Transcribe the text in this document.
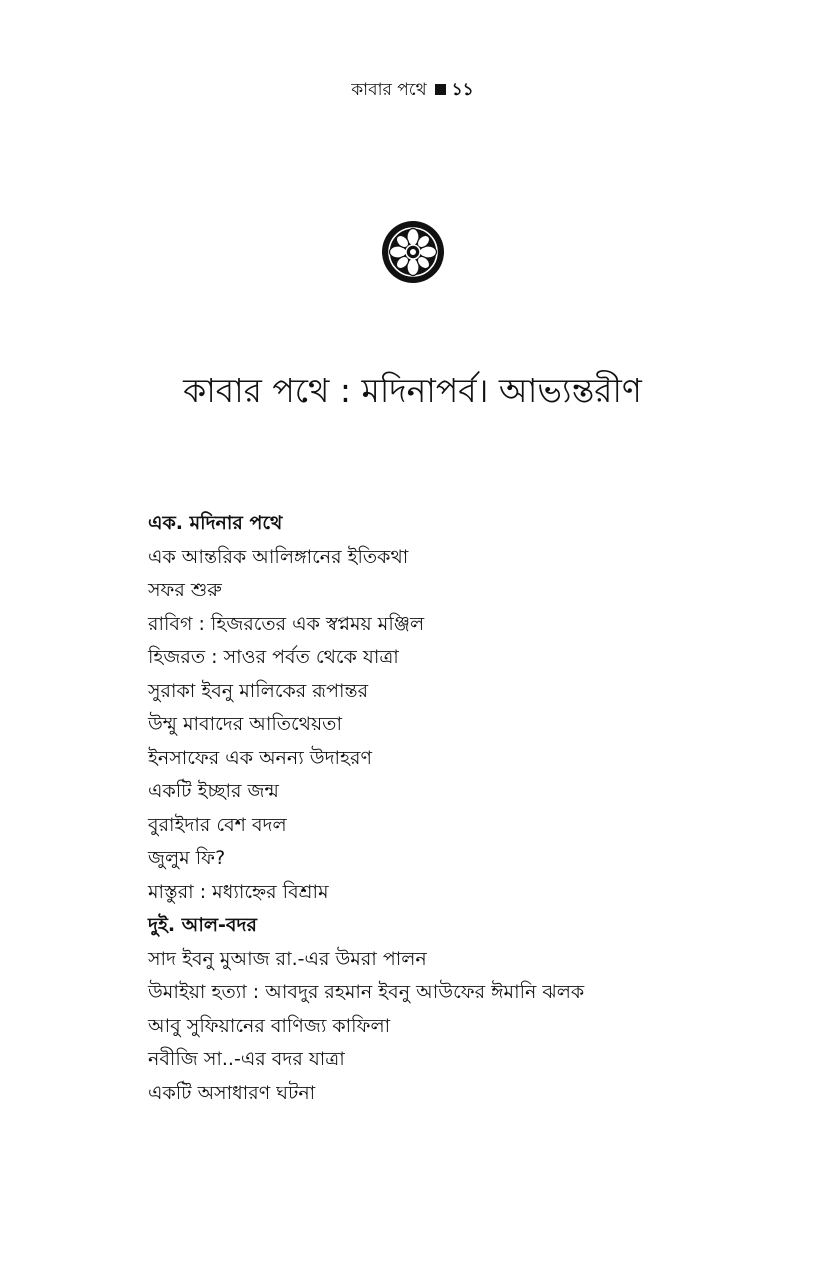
কাবার পথে ১১
কাবার পথে : মদিনাপর্ব। আভ্যন্তরীণ
এক. মদিনার পথে
এক আন্তরিক আলিঙ্গানের ইতিকথা
সফর শুরু
রাবিগ : হিজরতের এক স্বপ্নময় মঞ্জিল
হিজরত : সাওর পর্বত থেকে যাত্রা
সুরাকা ইবনু মালিকের রূপান্তর
উম্মু মাবাদের আতিথেয়তা
ইনসাফের এক অনন্য উদাহরণ
একটি ইচ্ছার জন্ম
বুরাইদার বেশ বদল
জুলুম ফি?
মাস্তুরা : মধ্যাহ্নের বিশ্রাম
দুই. আল-বদর
সাদ ইবনু মুআজ রা.-এর উমরা পালন
উমাইয়া হত্যা : আবদুর রহমান ইবনু আউফের ঈমানি ঝলক
আবু সুফিয়ানের বাণিজ্য কাফিলা
নবীজি সা..-এর বদর যাত্রা
একটি অসাধারণ ঘটনা
